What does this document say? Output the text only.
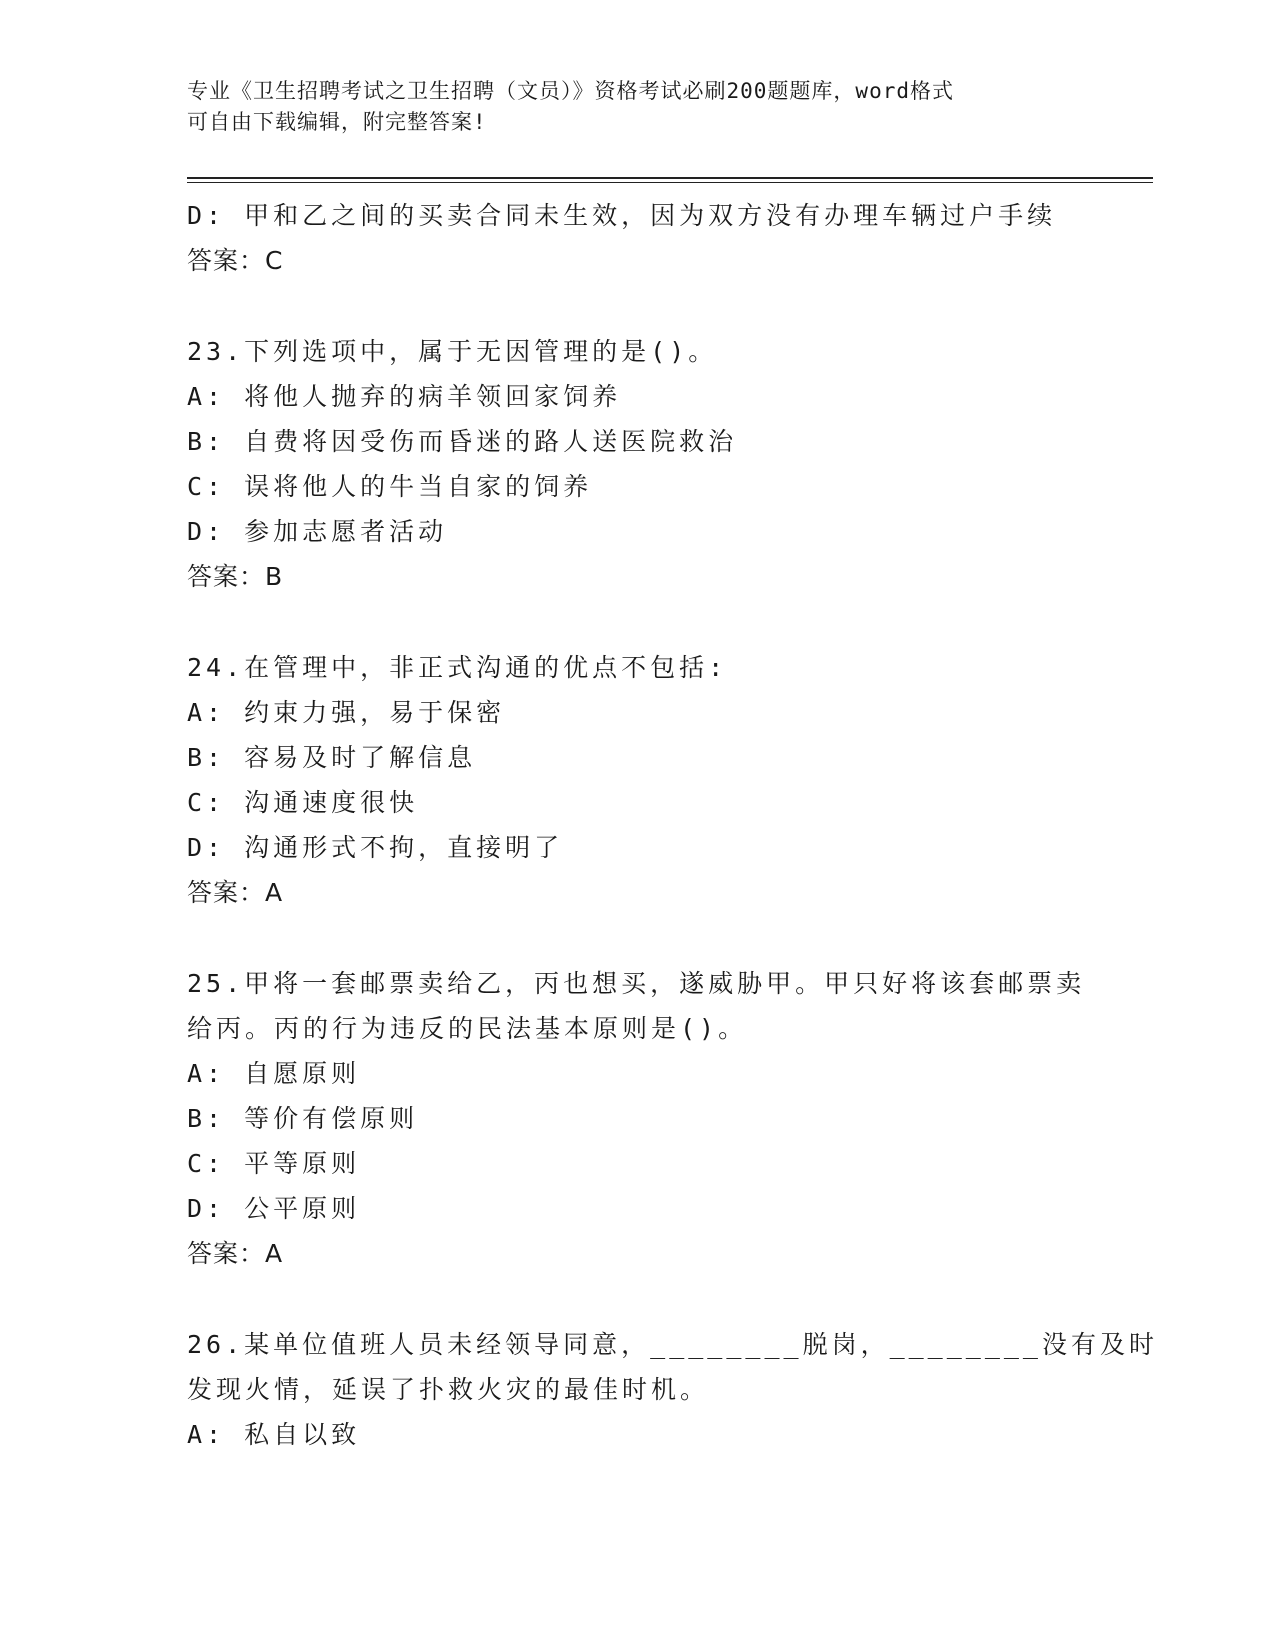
专业《卫生招聘考试之卫生招聘（文员）》资格考试必刷200题题库，word格式
可自由下载编辑，附完整答案!
D: 甲和乙之间的买卖合同未生效，因为双方没有办理车辆过户手续
答案：C
23.下列选项中，属于无因管理的是()。
A: 将他人抛弃的病羊领回家饲养
B: 自费将因受伤而昏迷的路人送医院救治
C: 误将他人的牛当自家的饲养
D: 参加志愿者活动
答案：B
24.在管理中，非正式沟通的优点不包括:
A: 约束力强，易于保密
B: 容易及时了解信息
C: 沟通速度很快
D: 沟通形式不拘，直接明了
答案：A
25.甲将一套邮票卖给乙，丙也想买，遂威胁甲。甲只好将该套邮票卖
给丙。丙的行为违反的民法基本原则是()。
A: 自愿原则
B: 等价有偿原则
C: 平等原则
D: 公平原则
答案：A
26.某单位值班人员未经领导同意，________脱岗，________没有及时
发现火情，延误了扑救火灾的最佳时机。
A: 私自以致
